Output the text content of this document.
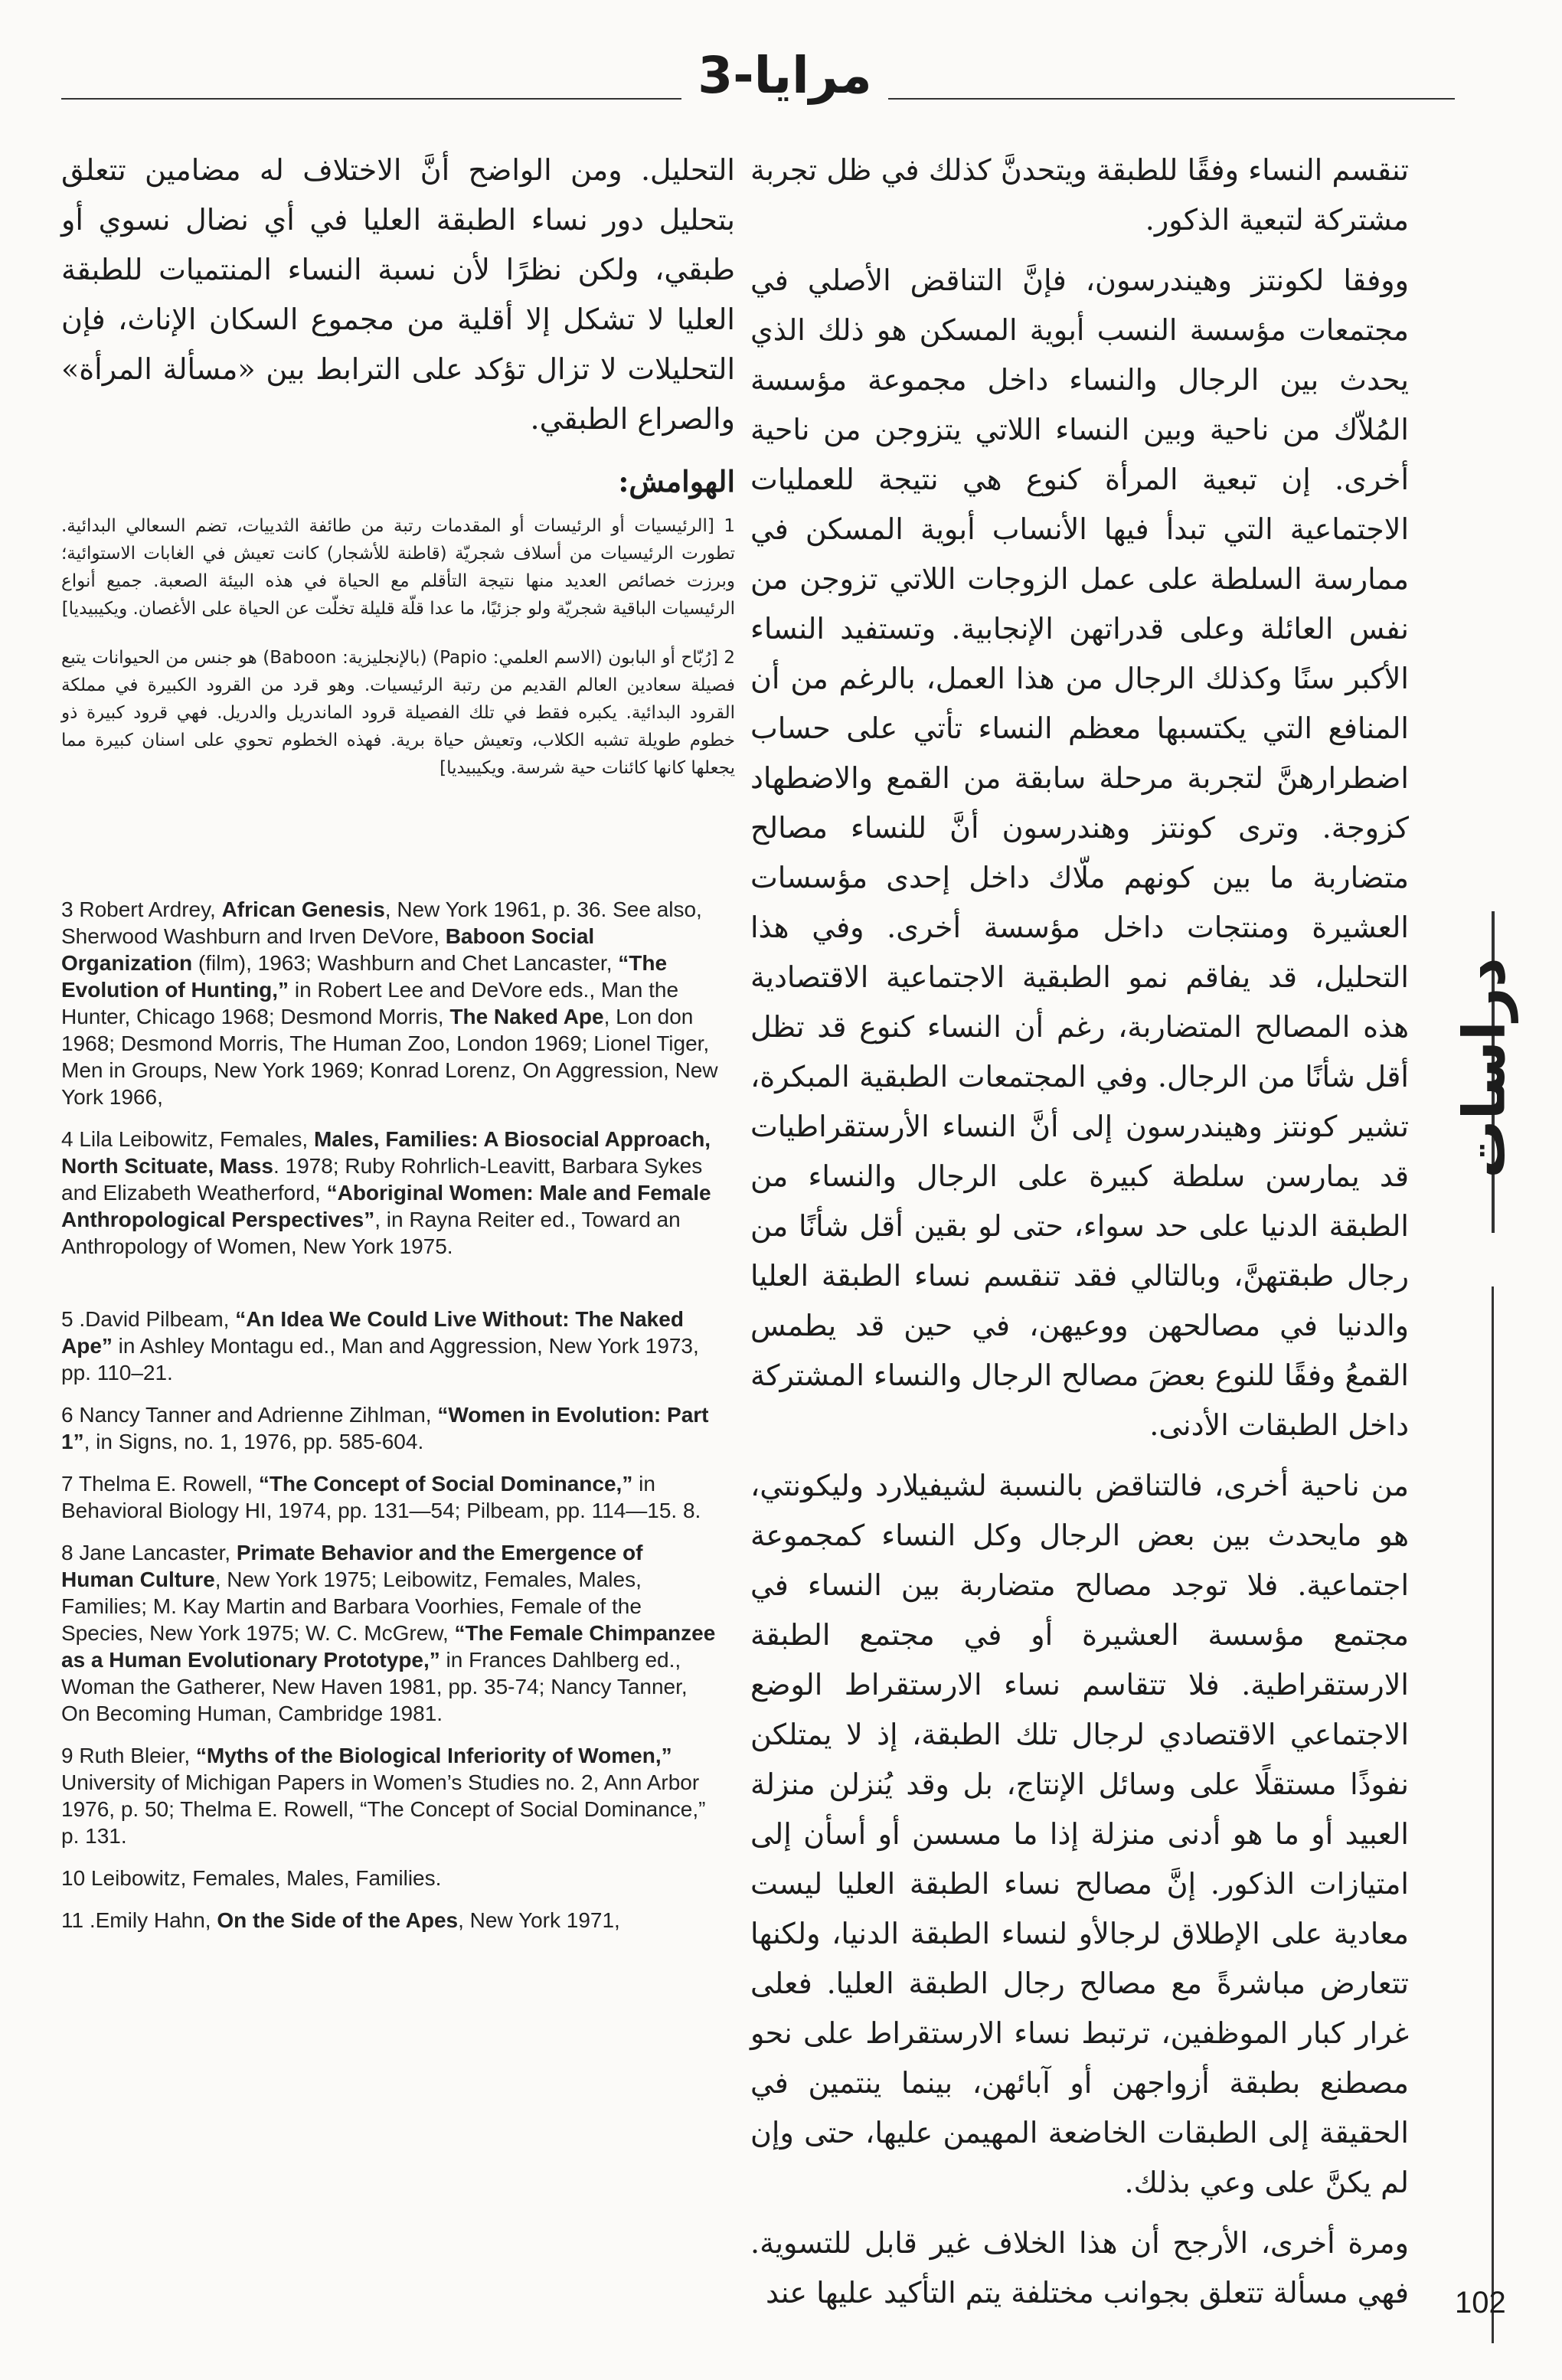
مرايا-3

تنقسم النساء وفقًا للطبقة ويتحدنَّ كذلك في ظل تجربة مشتركة لتبعية الذكور.

ووفقا لكونتز وهيندرسون، فإنَّ التناقض الأصلي في مجتمعات مؤسسة النسب أبوية المسكن هو ذلك الذي يحدث بين الرجال والنساء داخل مجموعة مؤسسة المُلاّك من ناحية وبين النساء اللاتي يتزوجن من ناحية أخرى. إن تبعية المرأة كنوع هي نتيجة للعمليات الاجتماعية التي تبدأ فيها الأنساب أبوية المسكن في ممارسة السلطة على عمل الزوجات اللاتي تزوجن من نفس العائلة وعلى قدراتهن الإنجابية. وتستفيد النساء الأكبر سنًا وكذلك الرجال من هذا العمل، بالرغم من أن المنافع التي يكتسبها معظم النساء تأتي على حساب اضطرارهنَّ لتجربة مرحلة سابقة من القمع والاضطهاد كزوجة. وترى كونتز وهندرسون أنَّ للنساء مصالح متضاربة ما بين كونهم ملّاك داخل إحدى مؤسسات العشيرة ومنتجات داخل مؤسسة أخرى. وفي هذا التحليل، قد يفاقم نمو الطبقية الاجتماعية الاقتصادية هذه المصالح المتضاربة، رغم أن النساء كنوع قد تظل أقل شأنًا من الرجال. وفي المجتمعات الطبقية المبكرة، تشير كونتز وهيندرسون إلى أنَّ النساء الأرستقراطيات قد يمارسن سلطة كبيرة على الرجال والنساء من الطبقة الدنيا على حد سواء، حتى لو بقين أقل شأنًا من رجال طبقتهنَّ، وبالتالي فقد تنقسم نساء الطبقة العليا والدنيا في مصالحهن ووعيهن، في حين قد يطمس القمعُ وفقًا للنوع بعضَ مصالح الرجال والنساء المشتركة داخل الطبقات الأدنى.

من ناحية أخرى، فالتناقض بالنسبة لشيفيلارد وليكونتي، هو مايحدث بين بعض الرجال وكل النساء كمجموعة اجتماعية. فلا توجد مصالح متضاربة بين النساء في مجتمع مؤسسة العشيرة أو في مجتمع الطبقة الارستقراطية. فلا تتقاسم نساء الارستقراط الوضع الاجتماعي الاقتصادي لرجال تلك الطبقة، إذ لا يمتلكن نفوذًا مستقلًا على وسائل الإنتاج، بل وقد يُنزلن منزلة العبيد أو ما هو أدنى منزلة إذا ما مسسن أو أسأن إلى امتيازات الذكور. إنَّ مصالح نساء الطبقة العليا ليست معادية على الإطلاق لرجالأو لنساء الطبقة الدنيا، ولكنها تتعارض مباشرةً مع مصالح رجال الطبقة العليا. فعلى غرار كبار الموظفين، ترتبط نساء الارستقراط على نحو مصطنع بطبقة أزواجهن أو آبائهن، بينما ينتمين في الحقيقة إلى الطبقات الخاضعة المهيمن عليها، حتى وإن لم يكنَّ على وعي بذلك.

ومرة أخرى، الأرجح أن هذا الخلاف غير قابل للتسوية. فهي مسألة تتعلق بجوانب مختلفة يتم التأكيد عليها عند

التحليل. ومن الواضح أنَّ الاختلاف له مضامين تتعلق بتحليل دور نساء الطبقة العليا في أي نضال نسوي أو طبقي، ولكن نظرًا لأن نسبة النساء المنتميات للطبقة العليا لا تشكل إلا أقلية من مجموع السكان الإناث، فإن التحليلات لا تزال تؤكد على الترابط بين «مسألة المرأة» والصراع الطبقي.

الهوامش:

1 [الرئيسيات أو الرئيسات أو المقدمات رتبة من طائفة الثدييات، تضم السعالي البدائية. تطورت الرئيسيات من أسلاف شجريّة (قاطنة للأشجار) كانت تعيش في الغابات الاستوائية؛ وبرزت خصائص العديد منها نتيجة التأقلم مع الحياة في هذه البيئة الصعبة. جميع أنواع الرئيسيات الباقية شجريّة ولو جزئيًا، ما عدا قلّة قليلة تخلّت عن الحياة على الأغصان. ويكيبيديا]

2 [رُبّاح أو البابون (الاسم العلمي: Papio) (بالإنجليزية: Baboon) هو جنس من الحيوانات يتبع فصيلة سعادين العالم القديم من رتبة الرئيسيات. وهو قرد من القرود الكبيرة في مملكة القرود البدائية. يكبره فقط في تلك الفصيلة قرود الماندريل والدريل. فهي قرود كبيرة ذو خطوم طويلة تشبه الكلاب، وتعيش حياة برية. فهذه الخطوم تحوي على اسنان كبيرة مما يجعلها كانها كائنات حية شرسة. ويكيبيديا]

3 Robert Ardrey, African Genesis, New York 1961, p. 36. See also, Sherwood Washburn and Irven DeVore, Baboon Social Organization (film), 1963; Washburn and Chet Lancaster, “The Evolution of Hunting,” in Robert Lee and DeVore eds., Man the Hunter, Chicago 1968; Desmond Morris, The Naked Ape, Lon don 1968; Desmond Morris, The Human Zoo, London 1969; Lionel Tiger, Men in Groups, New York 1969; Konrad Lorenz, On Aggression, New York 1966,

4 Lila Leibowitz, Females, Males, Families: A Biosocial Approach, North Scituate, Mass. 1978; Ruby Rohrlich-Leavitt, Barbara Sykes and Elizabeth Weatherford, “Aboriginal Women: Male and Female Anthropological Perspectives”, in Rayna Reiter ed., Toward an Anthropology of Women, New York 1975.

5 .David Pilbeam, “An Idea We Could Live Without: The Naked Ape” in Ashley Montagu ed., Man and Aggression, New York 1973, pp. 110–21.

6 Nancy Tanner and Adrienne Zihlman, “Women in Evolution: Part 1”, in Signs, no. 1, 1976, pp. 585-604.

7 Thelma E. Rowell, “The Concept of Social Dominance,” in Behavioral Biology HI, 1974, pp. 131—54; Pilbeam, pp. 114—15. 8.

8 Jane Lancaster, Primate Behavior and the Emergence of Human Culture, New York 1975; Leibowitz, Females, Males, Families; M. Kay Martin and Barbara Voorhies, Female of the Species, New York 1975; W. C. McGrew, “The Female Chimpanzee as a Human Evolutionary Prototype,” in Frances Dahlberg ed., Woman the Gatherer, New Haven 1981, pp. 35-74; Nancy Tanner, On Becoming Human, Cambridge 1981.

9 Ruth Bleier, “Myths of the Biological Inferiority of Women,” University of Michigan Papers in Women’s Studies no. 2, Ann Arbor 1976, p. 50; Thelma E. Rowell, “The Concept of Social Dominance,” p. 131.

10 Leibowitz, Females, Males, Families.

11 .Emily Hahn, On the Side of the Apes, New York 1971,

دراسات
102
